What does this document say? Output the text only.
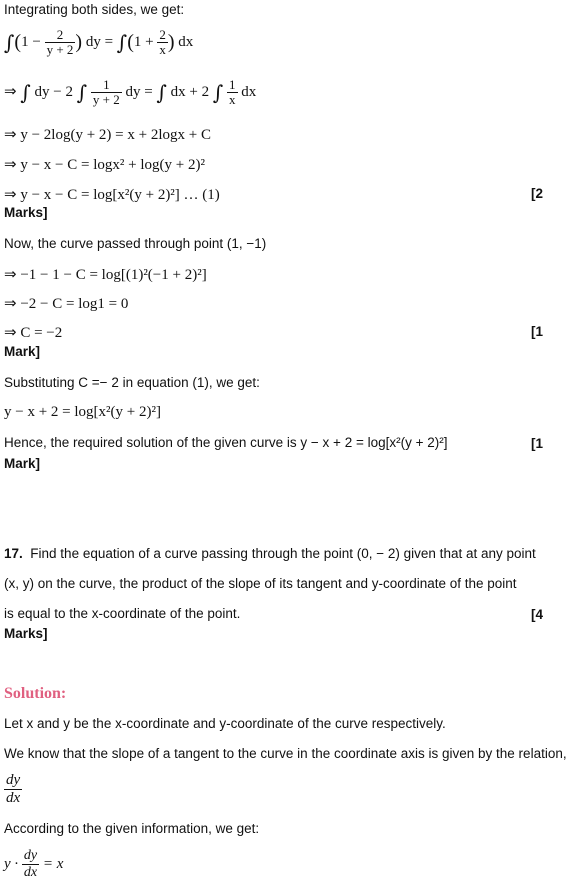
Integrating both sides, we get:
$\int(1 - \frac{2}{y + 2}$ ) dy = $\int(1 + \frac{2}{x}$ ) dx
⇒ ∫ dy − 2 ∫ $\frac{1}{y + 2}$ dy = ∫ dx + 2 ∫ $\frac{1}{x}$ dx
⇒ y − 2log(y + 2) = x + 2logx + C
⇒ y − x − C = logx² + log(y + 2)²
⇒ y − x − C = log[x²(y + 2)²] … (1)	[2
Marks]
Now, the curve passed through point (1, −1)
⇒ −1 − 1 − C = log[(1)²(−1 + 2)²]
⇒ −2 − C = log1 = 0
⇒ C = −2	[1
Mark]
Substituting C =− 2 in equation (1), we get:
y − x + 2 = log[x²(y + 2)²]
Hence, the required solution of the given curve is y − x + 2 = log[x²(y + 2)²]	[1
Mark]
17. Find the equation of a curve passing through the point (0, − 2) given that at any point
(x, y) on the curve, the product of the slope of its tangent and y-coordinate of the point
is equal to the x-coordinate of the point.	[4
Marks]
Solution:
Let x and y be the x-coordinate and y-coordinate of the curve respectively.
We know that the slope of a tangent to the curve in the coordinate axis is given by the relation,
$\frac{dy}{dx}$
According to the given information, we get:
$y \cdot \frac{dy}{dx} = x$
